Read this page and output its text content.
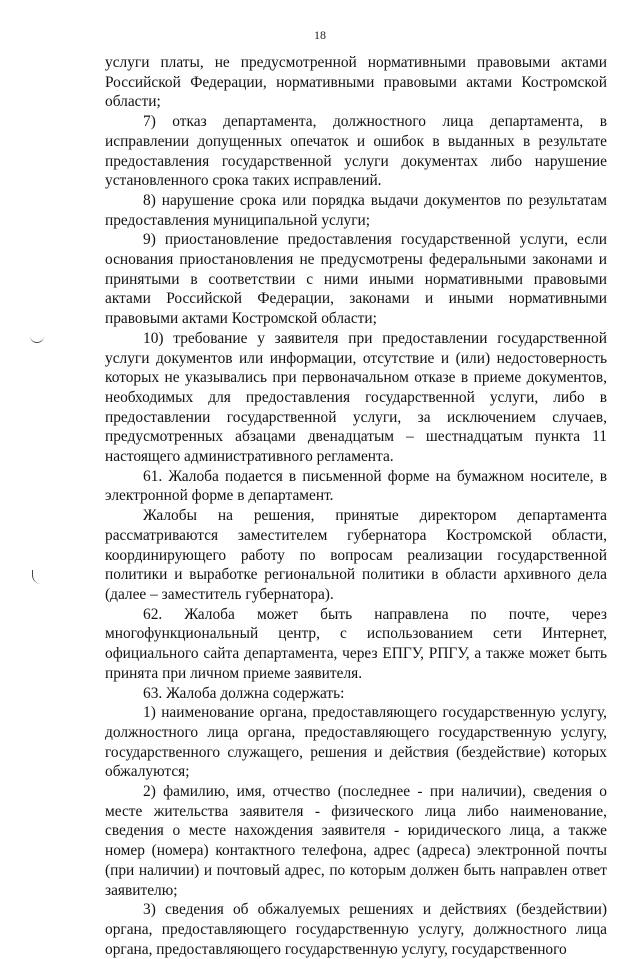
18

услуги платы, не предусмотренной нормативными правовыми актами Российской Федерации, нормативными правовыми актами Костромской области;

7) отказ департамента, должностного лица департамента, в исправлении допущенных опечаток и ошибок в выданных в результате предоставления государственной услуги документах либо нарушение установленного срока таких исправлений.

8) нарушение срока или порядка выдачи документов по результатам предоставления муниципальной услуги;

9) приостановление предоставления государственной услуги, если основания приостановления не предусмотрены федеральными законами и принятыми в соответствии с ними иными нормативными правовыми актами Российской Федерации, законами и иными нормативными правовыми актами Костромской области;

10) требование у заявителя при предоставлении государственной услуги документов или информации, отсутствие и (или) недостоверность которых не указывались при первоначальном отказе в приеме документов, необходимых для предоставления государственной услуги, либо в предоставлении государственной услуги, за исключением случаев, предусмотренных абзацами двенадцатым – шестнадцатым пункта 11 настоящего административного регламента.

61. Жалоба подается в письменной форме на бумажном носителе, в электронной форме в департамент.

Жалобы на решения, принятые директором департамента рассматриваются заместителем губернатора Костромской области, координирующего работу по вопросам реализации государственной политики и выработке региональной политики в области архивного дела (далее – заместитель губернатора).

62. Жалоба может быть направлена по почте, через многофункциональный центр, с использованием сети Интернет, официального сайта департамента, через ЕПГУ, РПГУ, а также может быть принята при личном приеме заявителя.

63. Жалоба должна содержать:

1) наименование органа, предоставляющего государственную услугу, должностного лица органа, предоставляющего государственную услугу, государственного служащего, решения и действия (бездействие) которых обжалуются;

2) фамилию, имя, отчество (последнее - при наличии), сведения о месте жительства заявителя - физического лица либо наименование, сведения о месте нахождения заявителя - юридического лица, а также номер (номера) контактного телефона, адрес (адреса) электронной почты (при наличии) и почтовый адрес, по которым должен быть направлен ответ заявителю;

3) сведения об обжалуемых решениях и действиях (бездействии) органа, предоставляющего государственную услугу, должностного лица органа, предоставляющего государственную услугу, государственного
